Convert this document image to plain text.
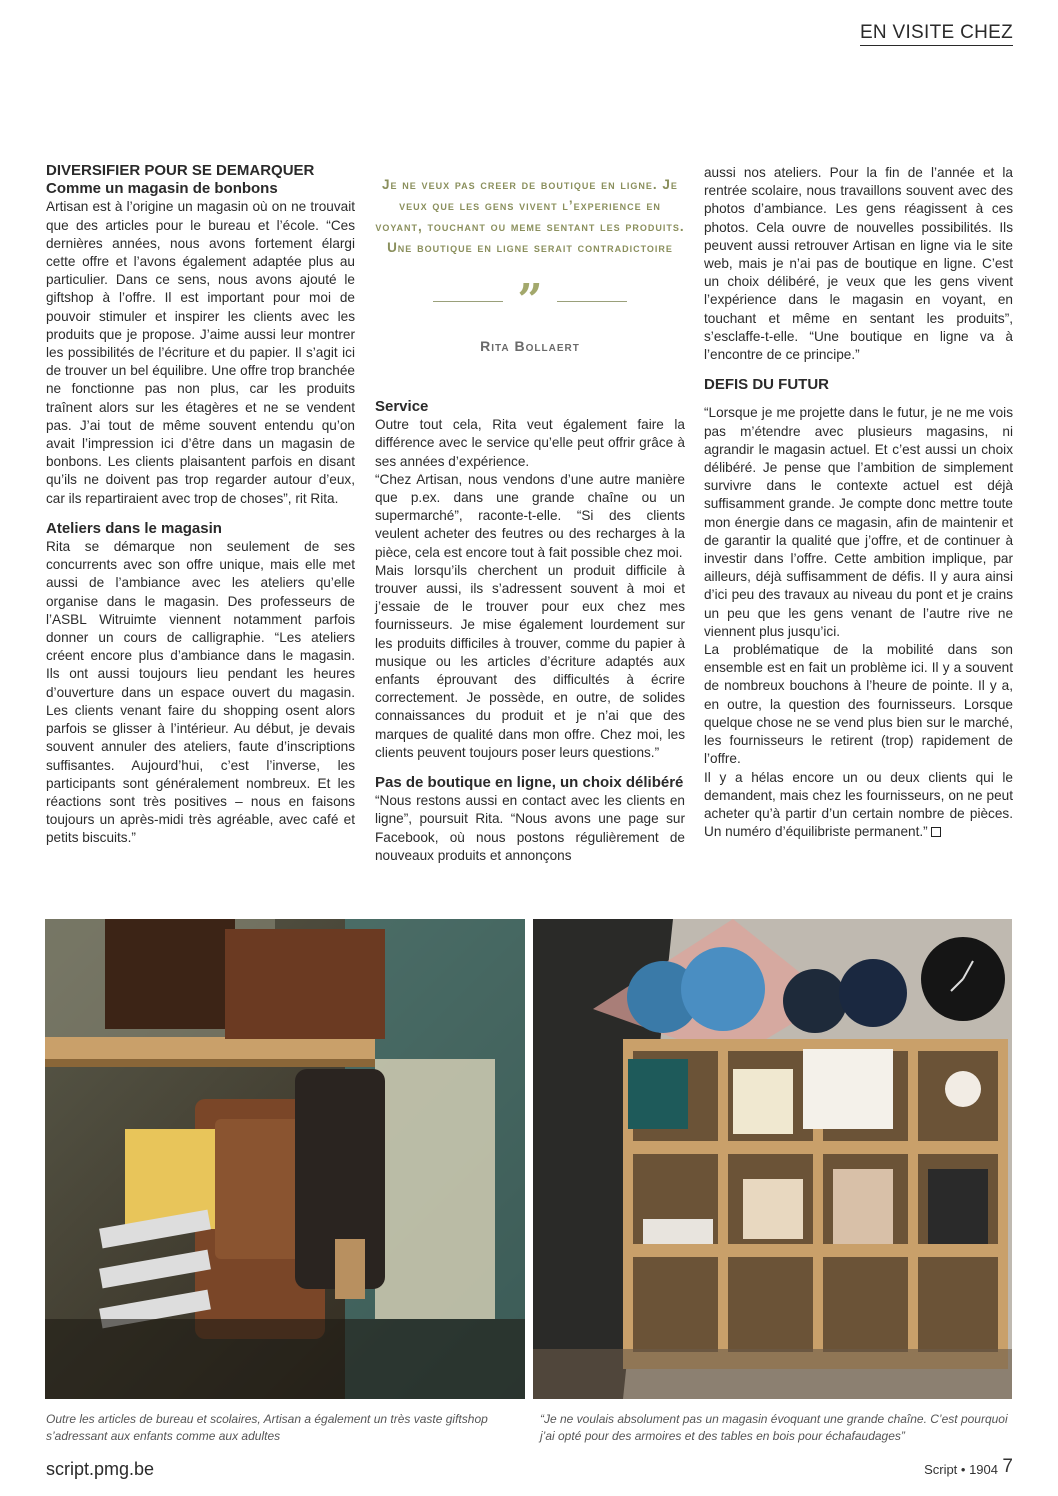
EN VISITE CHEZ

DIVERSIFIER POUR SE DEMARQUER

Comme un magasin de bonbons

Artisan est à l’origine un magasin où on ne trouvait que des articles pour le bureau et l’école. “Ces dernières années, nous avons fortement élargi cette offre et l’avons également adaptée plus au particulier. Dans ce sens, nous avons ajouté le giftshop à l’offre. Il est important pour moi de pouvoir stimuler et inspirer les clients avec les produits que je propose. J’aime aussi leur montrer les possibilités de l’écriture et du papier. Il s’agit ici de trouver un bel équilibre. Une offre trop branchée ne fonctionne pas non plus, car les produits traînent alors sur les étagères et ne se vendent pas. J’ai tout de même souvent entendu qu’on avait l’impression ici d’être dans un magasin de bonbons. Les clients plaisantent parfois en disant qu’ils ne doivent pas trop regarder autour d’eux, car ils repartiraient avec trop de choses”, rit Rita.

Ateliers dans le magasin

Rita se démarque non seulement de ses concurrents avec son offre unique, mais elle met aussi de l’ambiance avec les ateliers qu’elle organise dans le magasin. Des professeurs de l’ASBL Witruimte viennent notamment parfois donner un cours de calligraphie. “Les ateliers créent encore plus d’ambiance dans le magasin. Ils ont aussi toujours lieu pendant les heures d’ouverture dans un espace ouvert du magasin. Les clients venant faire du shopping osent alors parfois se glisser à l’intérieur. Au début, je devais souvent annuler des ateliers, faute d’inscriptions suffisantes. Aujourd’hui, c’est l’inverse, les participants sont généralement nombreux. Et les réactions sont très positives – nous en faisons toujours un après-midi très agréable, avec café et petits biscuits.”

Je ne veux pas creer de boutique en ligne. Je veux que les gens vivent l’experience en voyant, touchant ou meme sentant les produits. Une boutique en ligne serait contradictoire
”
Rita Bollaert

Service

Outre tout cela, Rita veut également faire la différence avec le service qu’elle peut offrir grâce à ses années d’expérience.

“Chez Artisan, nous vendons d’une autre manière que p.ex. dans une grande chaîne ou un supermarché”, raconte-t-elle. “Si des clients veulent acheter des feutres ou des recharges à la pièce, cela est encore tout à fait possible chez moi.

Mais lorsqu’ils cherchent un produit difficile à trouver aussi, ils s’adressent souvent à moi et j’essaie de le trouver pour eux chez mes fournisseurs. Je mise également lourdement sur les produits difficiles à trouver, comme du papier à musique ou les articles d’écriture adaptés aux enfants éprouvant des difficultés à écrire correctement. Je possède, en outre, de solides connaissances du produit et je n’ai que des marques de qualité dans mon offre. Chez moi, les clients peuvent toujours poser leurs questions.”

Pas de boutique en ligne, un choix délibéré

“Nous restons aussi en contact avec les clients en ligne”, poursuit Rita. “Nous avons une page sur Facebook, où nous postons régulièrement de nouveaux produits et annonçons

aussi nos ateliers. Pour la fin de l’année et la rentrée scolaire, nous travaillons souvent avec des photos d’ambiance. Les gens réagissent à ces photos. Cela ouvre de nouvelles possibilités. Ils peuvent aussi retrouver Artisan en ligne via le site web, mais je n’ai pas de boutique en ligne. C’est un choix délibéré, je veux que les gens vivent l’expérience dans le magasin en voyant, en touchant et même en sentant les produits”, s’esclaffe-t-elle. “Une boutique en ligne va à l’encontre de ce principe.”

DEFIS DU FUTUR

“Lorsque je me projette dans le futur, je ne me vois pas m’étendre avec plusieurs magasins, ni agrandir le magasin actuel. Et c’est aussi un choix délibéré. Je pense que l’ambition de simplement survivre dans le contexte actuel est déjà suffisamment grande. Je compte donc mettre toute mon énergie dans ce magasin, afin de maintenir et de garantir la qualité que j’offre, et de continuer à investir dans l’offre. Cette ambition implique, par ailleurs, déjà suffisamment de défis. Il y aura ainsi d’ici peu des travaux au niveau du pont et je crains un peu que les gens venant de l’autre rive ne viennent plus jusqu’ici.

La problématique de la mobilité dans son ensemble est en fait un problème ici. Il y a souvent de nombreux bouchons à l’heure de pointe. Il y a, en outre, la question des fournisseurs. Lorsque quelque chose ne se vend plus bien sur le marché, les fournisseurs le retirent (trop) rapidement de l’offre.

Il y a hélas encore un ou deux clients qui le demandent, mais chez les fournisseurs, on ne peut acheter qu’à partir d’un certain nombre de pièces. Un numéro d’équilibriste permanent.”

Outre les articles de bureau et scolaires, Artisan a également un très vaste giftshop s’adressant aux enfants comme aux adultes
“Je ne voulais absolument pas un magasin évoquant une grande chaîne. C’est pourquoi j’ai opté pour des armoires et des tables en bois pour échafaudages”
script.pmg.be	Script • 1904 7
